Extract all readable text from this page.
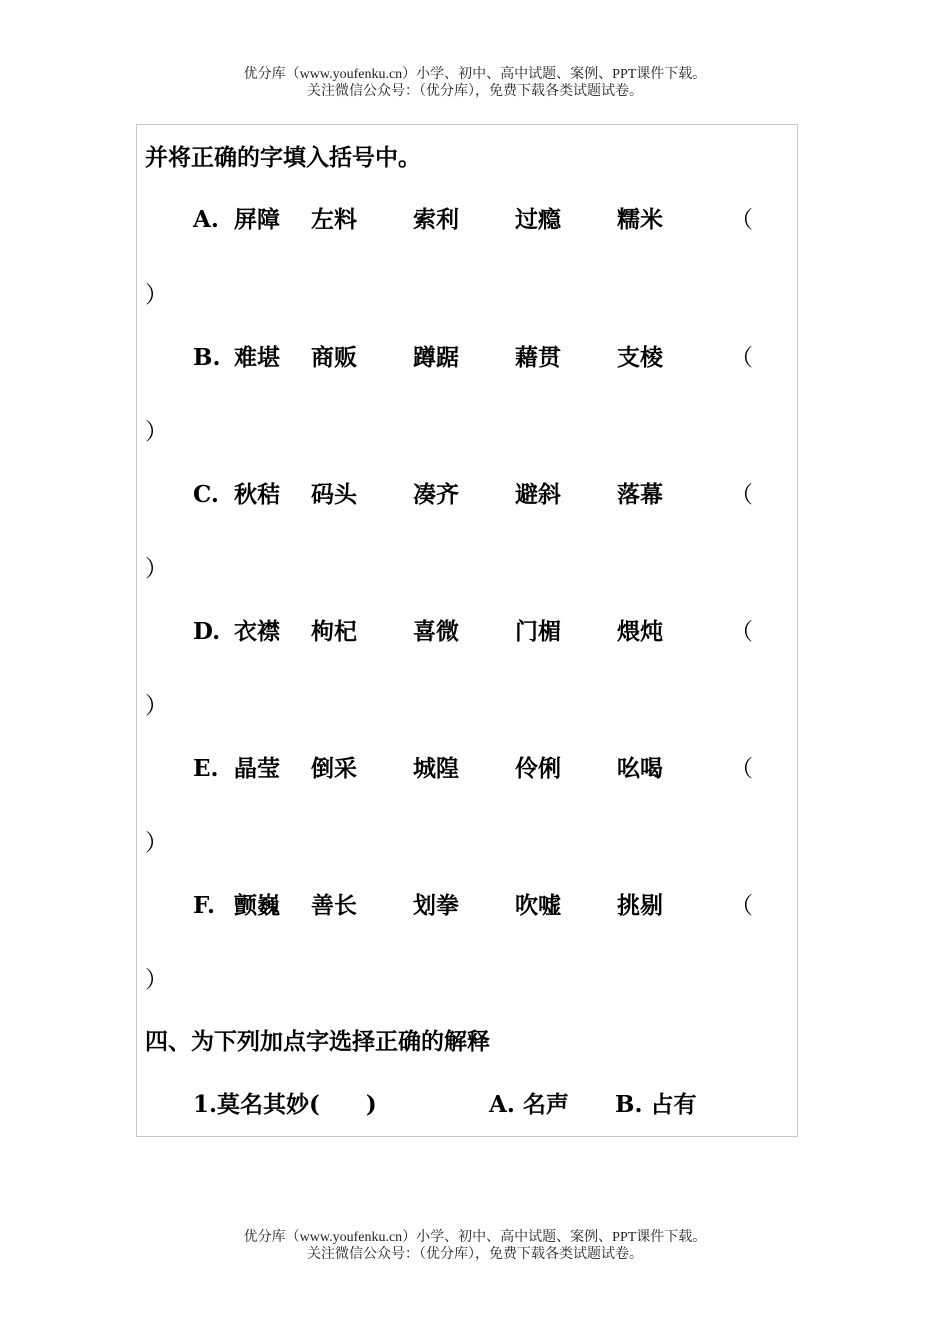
优分库（www.youfenku.cn）小学、初中、高中试题、案例、PPT课件下载。
关注微信公众号：（优分库），免费下载各类试题试卷。
并将正确的字填入括号中。
A. 屏障 左料 索利 过瘾 糯米	（
）
B. 难堪 商贩 蹲踞 藉贯 支棱	（
）
C. 秋秸 码头 凑齐 避斜 落幕	（
）
D. 衣襟 枸杞 喜微 门楣 煨炖	（
）
E. 晶莹 倒采 城隍 伶俐 吆喝	（
）
F. 颤巍 善长 划拳 吹嘘 挑剔	（
）
四、为下列加点字选择正确的解释
1.莫名其妙(　　)	A. 名声 B. 占有
优分库（www.youfenku.cn）小学、初中、高中试题、案例、PPT课件下载。
关注微信公众号：（优分库），免费下载各类试题试卷。
